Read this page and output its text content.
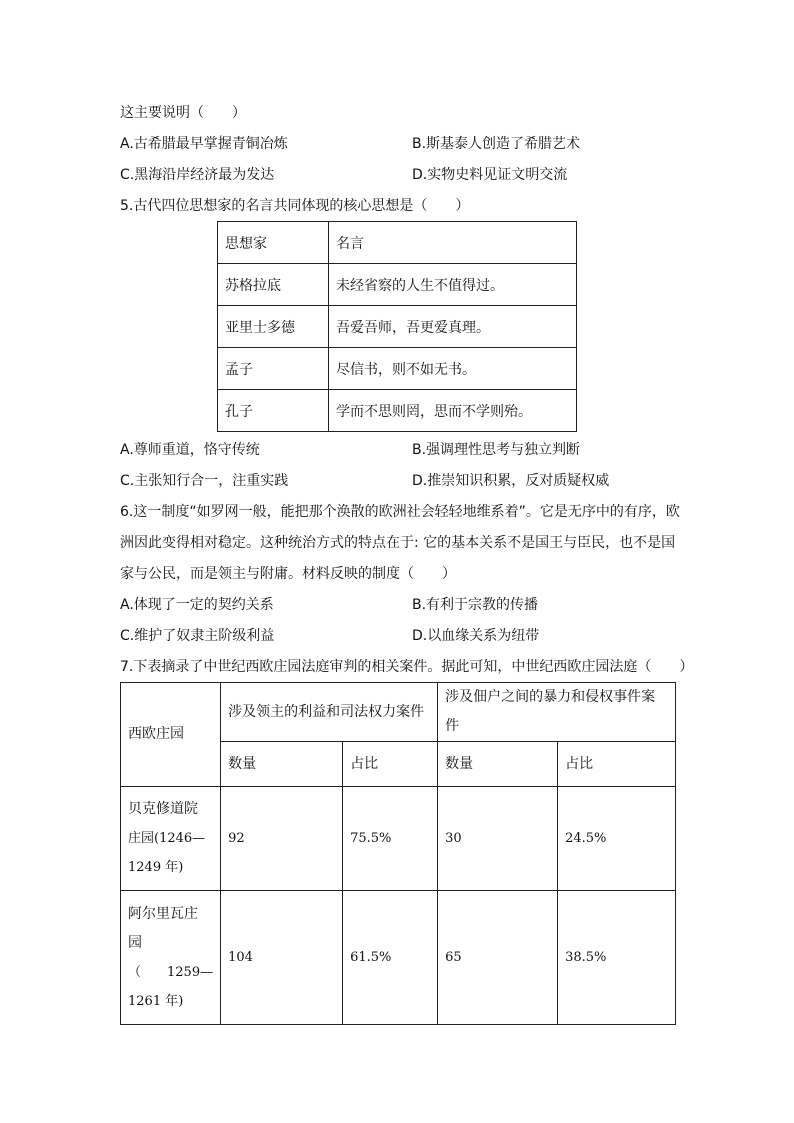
这主要说明（　　）
A.古希腊最早掌握青铜冶炼	B.斯基泰人创造了希腊艺术
C.黑海沿岸经济最为发达	D.实物史料见证文明交流
5.古代四位思想家的名言共同体现的核心思想是（　　）
思想家	名言
苏格拉底	未经省察的人生不值得过。
亚里士多德	吾爱吾师，吾更爱真理。
孟子	尽信书，则不如无书。
孔子	学而不思则罔，思而不学则殆。
A.尊师重道，恪守传统	B.强调理性思考与独立判断
C.主张知行合一，注重实践	D.推崇知识积累，反对质疑权威
6.这一制度“如罗网一般，能把那个涣散的欧洲社会轻轻地维系着”。它是无序中的有序，欧
洲因此变得相对稳定。这种统治方式的特点在于: 它的基本关系不是国王与臣民，也不是国
家与公民，而是领主与附庸。材料反映的制度（　　）
A.体现了一定的契约关系	B.有利于宗教的传播
C.维护了奴隶主阶级利益	D.以血缘关系为纽带
7.下表摘录了中世纪西欧庄园法庭审判的相关案件。据此可知，中世纪西欧庄园法庭（　　）
西欧庄园	涉及领主的利益和司法权力案件		涉及佃户之间的暴力和侵权事件案件	
	数量	占比	数量	占比

贝克修道院
庄园(1246—
1249 年)	92	75.5%	30	24.5%

阿尔里瓦庄
园
（　　1259—
1261 年)	104	61.5%	65	38.5%
